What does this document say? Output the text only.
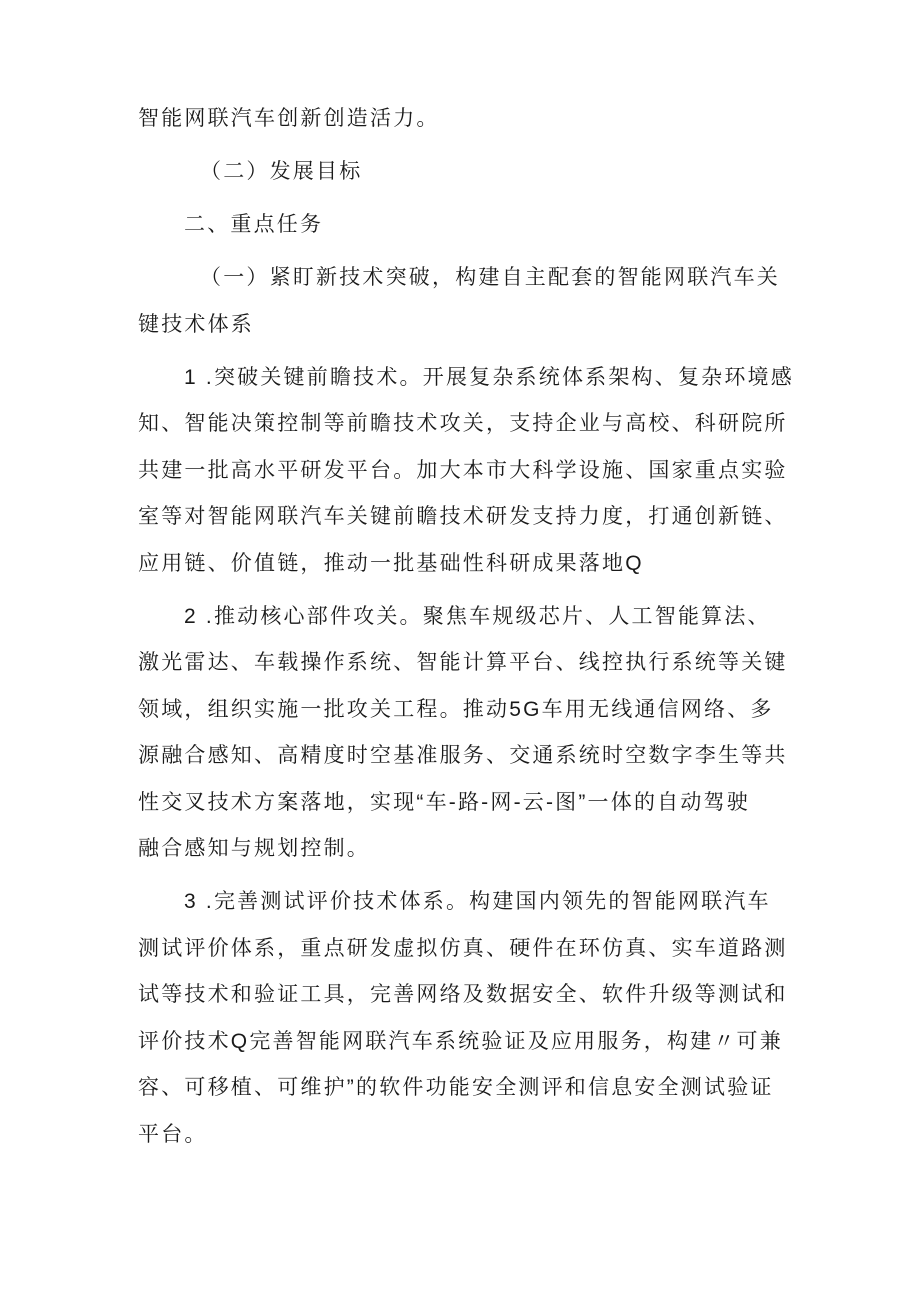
智能网联汽车创新创造活力。
（二）发展目标
二、重点任务
（一）紧盯新技术突破，构建自主配套的智能网联汽车关
键技术体系
1 .突破关键前瞻技术。开展复杂系统体系架构、复杂环境感
知、智能决策控制等前瞻技术攻关，支持企业与高校、科研院所
共建一批高水平研发平台。加大本市大科学设施、国家重点实验
室等对智能网联汽车关键前瞻技术研发支持力度，打通创新链、
应用链、价值链，推动一批基础性科研成果落地Q
2 .推动核心部件攻关。聚焦车规级芯片、人工智能算法、
激光雷达、车载操作系统、智能计算平台、线控执行系统等关键
领域，组织实施一批攻关工程。推动5G车用无线通信网络、多
源融合感知、高精度时空基准服务、交通系统时空数字李生等共
性交叉技术方案落地，实现“车-路-网-云-图”一体的自动驾驶
融合感知与规划控制。
3 .完善测试评价技术体系。构建国内领先的智能网联汽车
测试评价体系，重点研发虚拟仿真、硬件在环仿真、实车道路测
试等技术和验证工具，完善网络及数据安全、软件升级等测试和
评价技术Q完善智能网联汽车系统验证及应用服务，构建〃可兼
容、可移植、可维护”的软件功能安全测评和信息安全测试验证
平台。
